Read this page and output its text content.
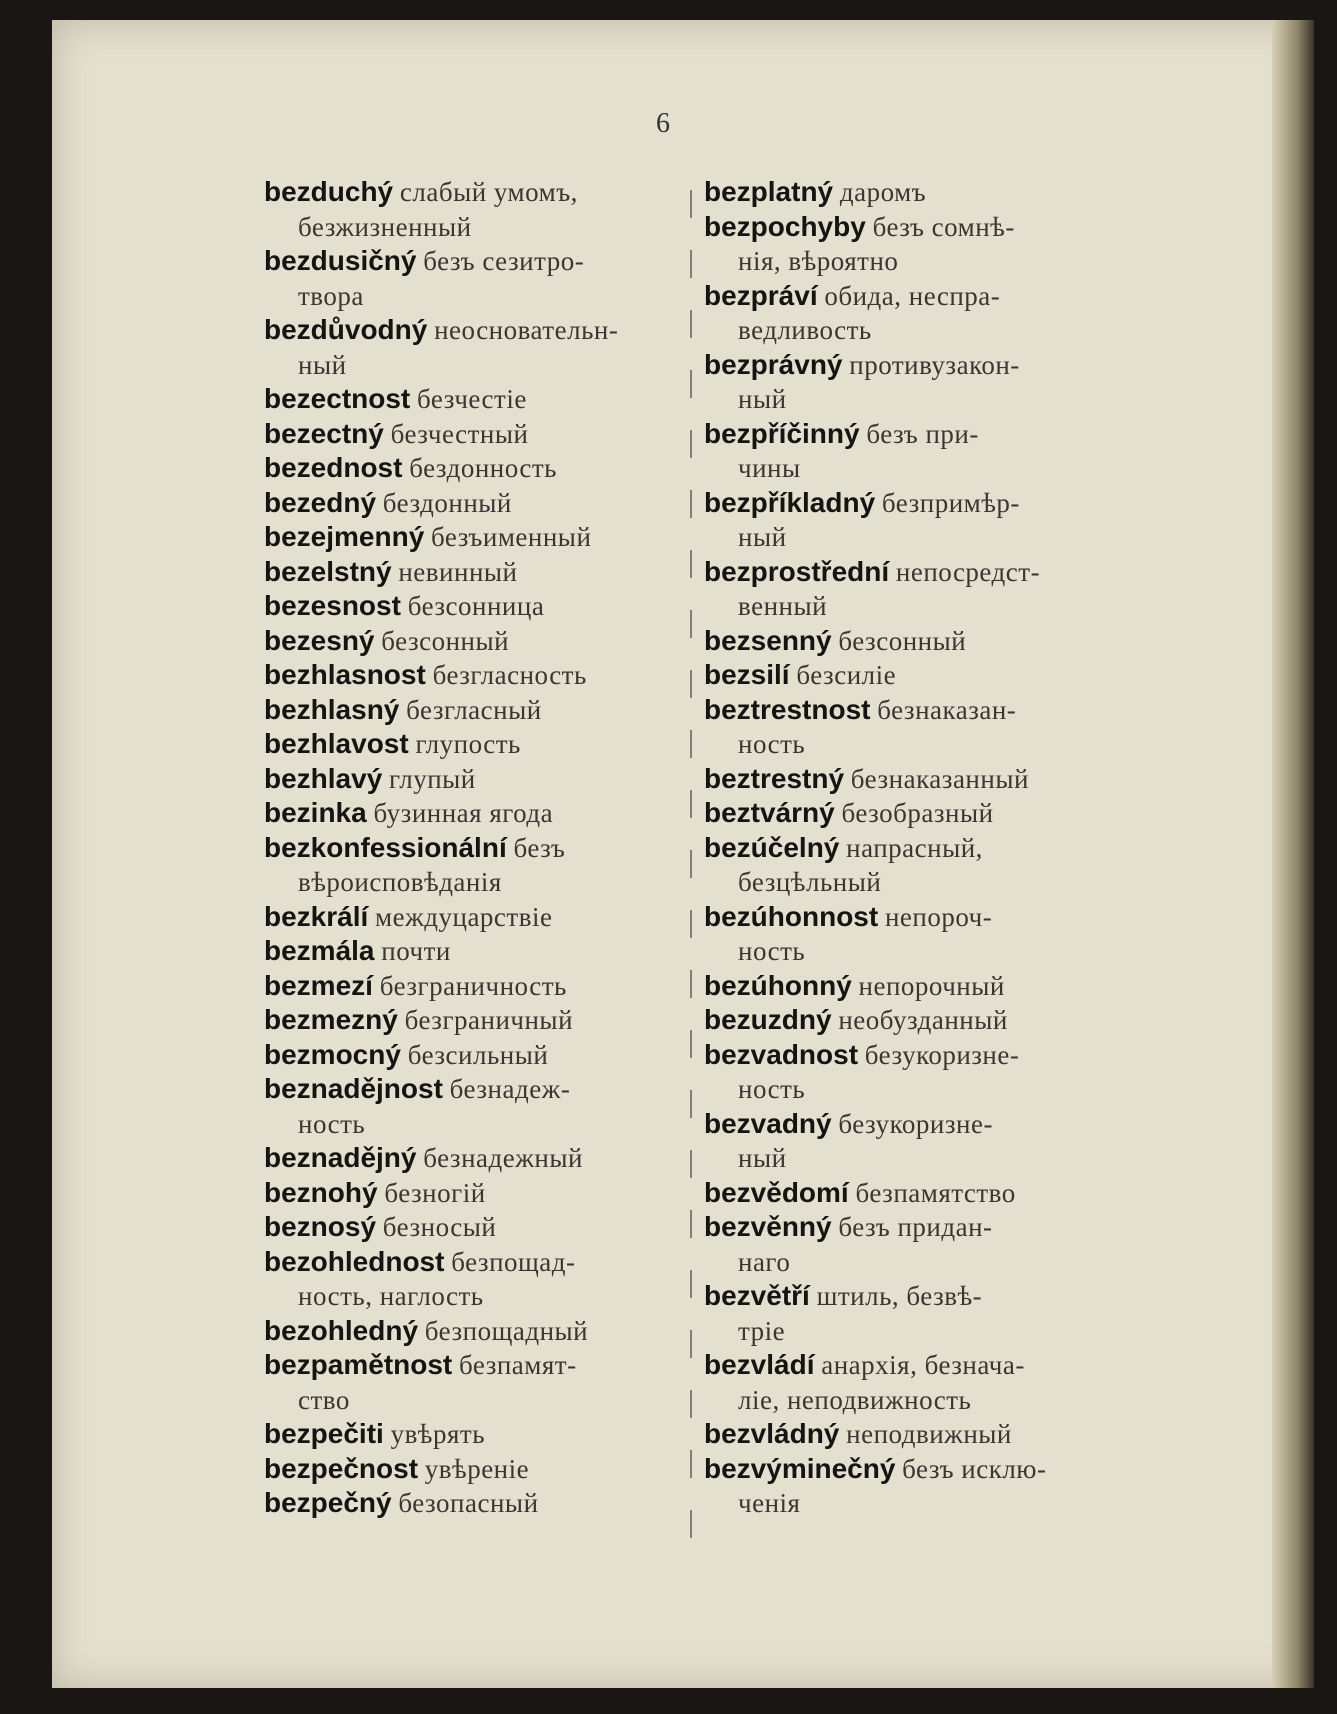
6
bezduchý слабый умомъ,
безжизненный
bezdusičný безъ сезитро-
твора
bezdůvodný неосновательн-
ный
bezectnost безчестіе
bezectný безчестный
bezednost бездонность
bezedný бездонный
bezejmenný безъименный
bezelstný невинный
bezesnost безсонница
bezesný безсонный
bezhlasnost безгласность
bezhlasný безгласный
bezhlavost глупость
bezhlavý глупый
bezinka бузинная ягода
bezkonfessionální безъ
вѣроисповѣданія
bezkrálí междуцарствіе
bezmála почти
bezmezí безграничность
bezmezný безграничный
bezmocný безсильный
beznadějnost безнадеж-
ность
beznadějný безнадежный
beznohý безногій
beznosý безносый
bezohlednost безпощад-
ность, наглость
bezohledný безпощадный
bezpamětnost безпамят-
ство
bezpečiti увѣрять
bezpečnost увѣреніе
bezpečný безопасный
bezplatný даромъ
bezpochyby безъ сомнѣ-
нія, вѣроятно
bezpráví обида, неспра-
ведливость
bezprávný противузакон-
ный
bezpříčinný безъ при-
чины
bezpříkladný безпримѣр-
ный
bezprostřední непосредст-
венный
bezsenný безсонный
bezsilí безсиліе
beztrestnost безнаказан-
ность
beztrestný безнаказанный
beztvárný безобразный
bezúčelný напрасный,
безцѣльный
bezúhonnost непороч-
ность
bezúhonný непорочный
bezuzdný необузданный
bezvadnost безукоризне-
ность
bezvadný безукоризне-
ный
bezvědomí безпамятство
bezvěnný безъ придан-
наго
bezvětří штиль, безвѣ-
тріе
bezvládí анархія, безнача-
ліе, неподвижность
bezvládný неподвижный
bezvýminečný безъ исклю-
ченія
